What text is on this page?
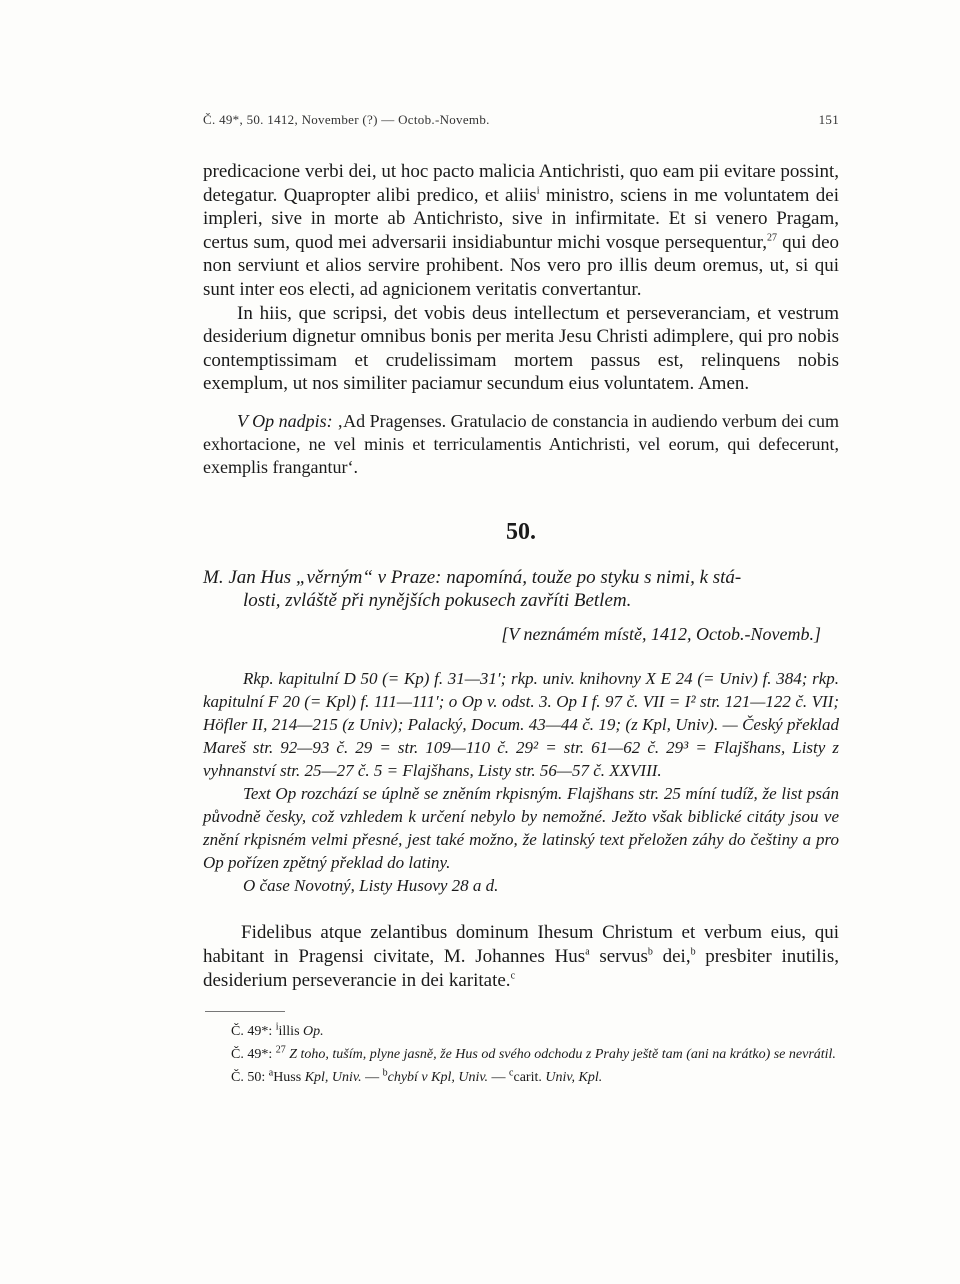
Č. 49*, 50. 1412, November (?) — Octob.-Novemb.	151

predicacione verbi dei, ut hoc pacto malicia Antichristi, quo eam pii evitare possint, detegatur. Quapropter alibi predico, et aliis$^i$ ministro, sciens in me voluntatem dei impleri, sive in morte ab Antichristo, sive in infirmitate. Et si venero Pragam, certus sum, quod mei adversarii insidiabuntur michi vosque persequentur,$^{27}$ qui deo non serviunt et alios servire prohibent. Nos vero pro illis deum oremus, ut, si qui sunt inter eos electi, ad agnicionem veritatis convertantur.

In hiis, que scripsi, det vobis deus intellectum et perseveranciam, et vestrum desiderium dignetur omnibus bonis per merita Jesu Christi adimplere, qui pro nobis contemptissimam et crudelissimam mortem passus est, relinquens nobis exemplum, ut nos similiter paciamur secundum eius voluntatem. Amen.

V Op nadpis: ‚Ad Pragenses. Gratulacio de constancia in audiendo verbum dei cum exhortacione, ne vel minis et terriculamentis Antichristi, vel eorum, qui defecerunt, exemplis frangantur‘.

50.

M. Jan Hus „věrným“ v Praze: napomíná, touže po styku s nimi, k stá-
losti, zvláště při nynějších pokusech zavříti Betlem.

[V neznámém místě, 1412, Octob.-Novemb.]

Rkp. kapitulní D 50 (= Kp) f. 31—31′; rkp. univ. knihovny X E 24 (= Univ) f. 384; rkp. kapitulní F 20 (= Kpl) f. 111—111′; o Op v. odst. 3. Op I f. 97 č. VII = I² str. 121—122 č. VII; Höfler II, 214—215 (z Univ); Palacký, Docum. 43—44 č. 19; (z Kpl, Univ). — Český překlad Mareš str. 92—93 č. 29 = str. 109—110 č. 29² = str. 61—62 č. 29³ = Flajšhans, Listy z vyhnanství str. 25—27 č. 5 = Flajšhans, Listy str. 56—57 č. XXVIII.

Text Op rozchází se úplně se zněním rkpisným. Flajšhans str. 25 míní tudíž, že list psán původně česky, což vzhledem k určení nebylo by nemožné. Ježto však biblické citáty jsou ve znění rkpisném velmi přesné, jest také možno, že latinský text přeložen záhy do češtiny a pro Op pořízen zpětný překlad do latiny.

O čase Novotný, Listy Husovy 28 a d.

Fidelibus atque zelantibus dominum Ihesum Christum et verbum eius, qui habitant in Pragensi civitate, M. Johannes Hus$^a$ servus$^b$ dei,$^b$ presbiter inutilis, desiderium perseverancie in dei karitate.$^c$

Č. 49*: $^i$illis Op.

Č. 49*: $^{27}$ Z toho, tuším, plyne jasně, že Hus od svého odchodu z Prahy ještě tam (ani na krátko) se nevrátil.

Č. 50: $^a$Huss Kpl, Univ. — $^b$chybí v Kpl, Univ. — $^c$carit. Univ, Kpl.
